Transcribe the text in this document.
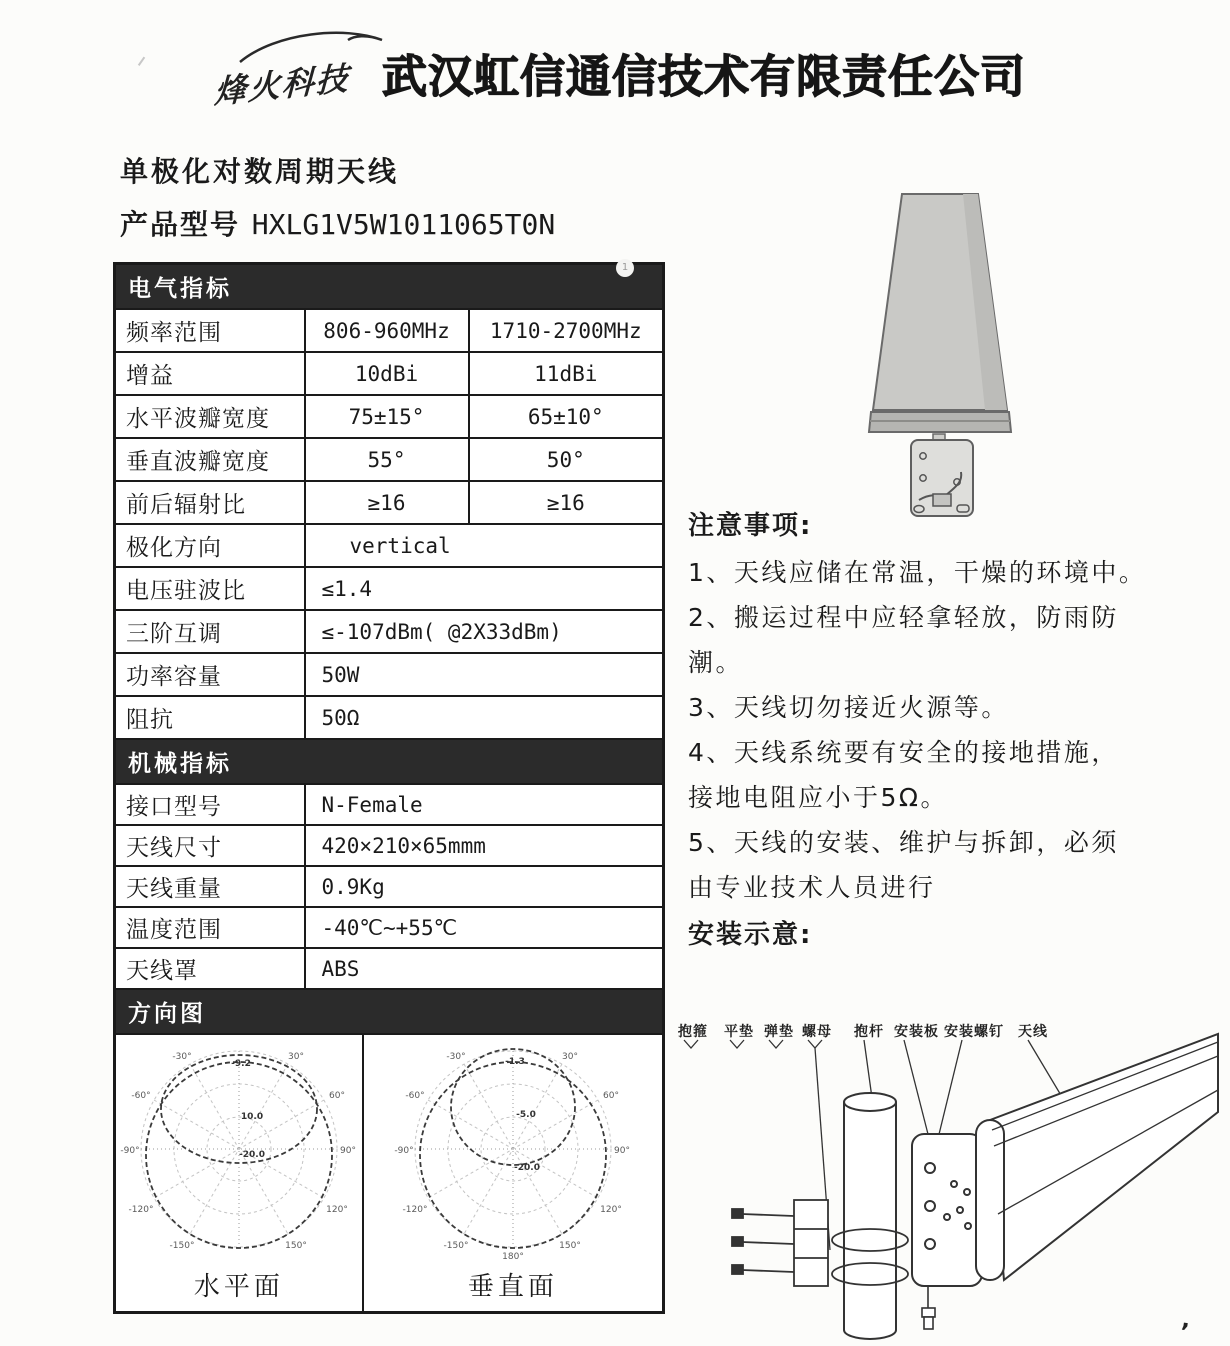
烽火科技 武汉虹信通信技术有限责任公司
单极化对数周期天线
产品型号 HXLG1V5W1011065T0N
电气指标
1		

频率范围	806-960MHz	1710-2700MHz
增益	10dBi	11dBi
水平波瓣宽度	75±15°	65±10°
垂直波瓣宽度	55°	50°
前后辐射比	≥16	≥16
极化方向	vertical	
电压驻波比	≤1.4	
三阶互调	≤-107dBm( @2X33dBm)	
功率容量	50W	
阻抗	50Ω	
机械指标		
接口型号	N-Female	
天线尺寸	420×210×65mmm	
天线重量	0.9Kg	
温度范围	-40℃~+55℃	
天线罩	ABS	
方向图		

-30°	30°
-60°	60°
-90°	90°
-120°	120°
-150°	150°
-9.2
10.0
-20.0
水平面
-30°	30°
-60°	60°
-90°	90°
-120°	120°
-150°	150°
180°
-1.3
-5.0
-20.0
垂直面
注意事项:
1、天线应储在常温，干燥的环境中。
2、搬运过程中应轻拿轻放，防雨防
潮。
3、天线切勿接近火源等。
4、天线系统要有安全的接地措施，
接地电阻应小于5Ω。
5、天线的安装、维护与拆卸，必须
由专业技术人员进行
安装示意:
抱箍 平垫 弹垫 螺母 抱杆 安装板 安装螺钉 天线
,
